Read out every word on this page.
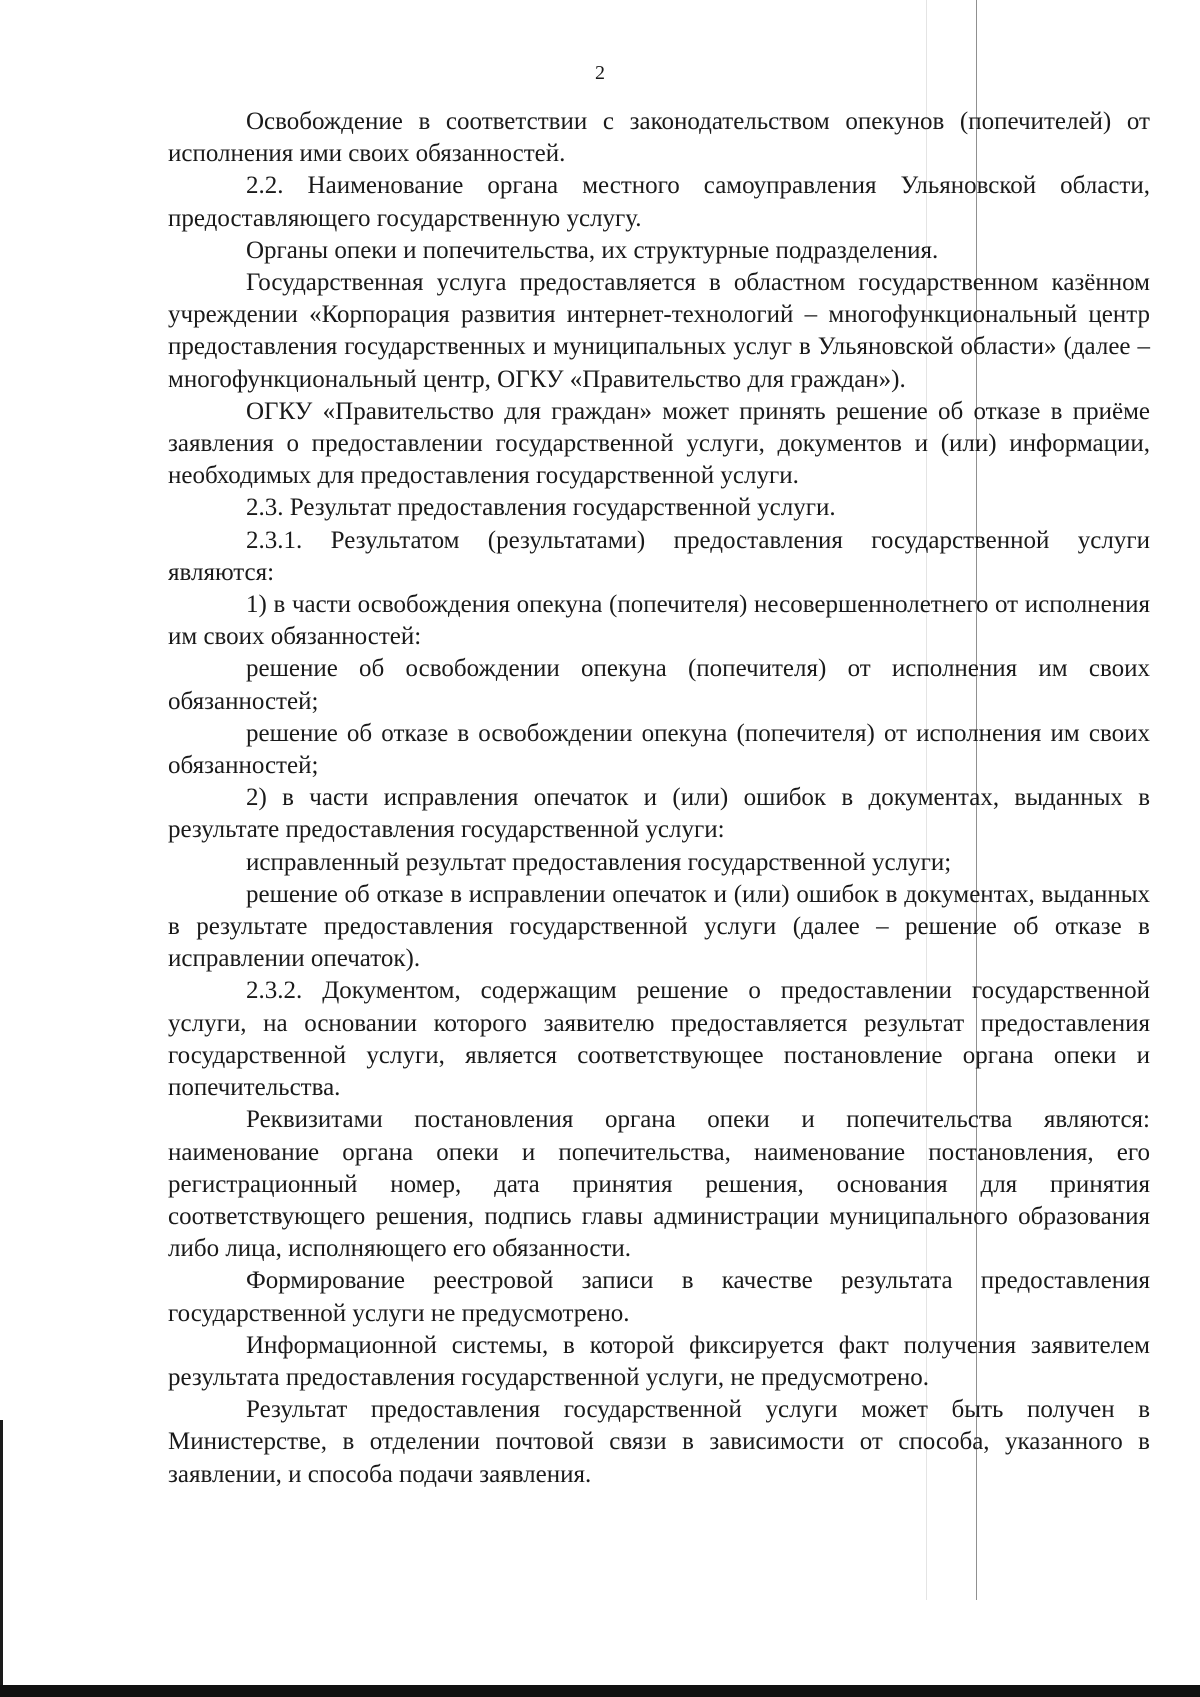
2

Освобождение в соответствии с законодательством опекунов (попечителей) от исполнения ими своих обязанностей.

2.2. Наименование органа местного самоуправления Ульяновской области, предоставляющего государственную услугу.

Органы опеки и попечительства, их структурные подразделения.

Государственная услуга предоставляется в областном государственном казённом учреждении «Корпорация развития интернет-технологий – многофункциональный центр предоставления государственных и муниципальных услуг в Ульяновской области» (далее – многофункциональный центр, ОГКУ «Правительство для граждан»).

ОГКУ «Правительство для граждан» может принять решение об отказе в приёме заявления о предоставлении государственной услуги, документов и (или) информации, необходимых для предоставления государственной услуги.

2.3. Результат предоставления государственной услуги.

2.3.1. Результатом (результатами) предоставления государственной услуги являются:

1) в части освобождения опекуна (попечителя) несовершеннолетнего от исполнения им своих обязанностей:

решение об освобождении опекуна (попечителя) от исполнения им своих обязанностей;

решение об отказе в освобождении опекуна (попечителя) от исполнения им своих обязанностей;

2) в части исправления опечаток и (или) ошибок в документах, выданных в результате предоставления государственной услуги:

исправленный результат предоставления государственной услуги;

решение об отказе в исправлении опечаток и (или) ошибок в документах, выданных в результате предоставления государственной услуги (далее – решение об отказе в исправлении опечаток).

2.3.2. Документом, содержащим решение о предоставлении государственной услуги, на основании которого заявителю предоставляется результат предоставления государственной услуги, является соответствующее постановление органа опеки и попечительства.

Реквизитами постановления органа опеки и попечительства являются: наименование органа опеки и попечительства, наименование постановления, его регистрационный номер, дата принятия решения, основания для принятия соответствующего решения, подпись главы администрации муниципального образования либо лица, исполняющего его обязанности.

Формирование реестровой записи в качестве результата предоставления государственной услуги не предусмотрено.

Информационной системы, в которой фиксируется факт получения заявителем результата предоставления государственной услуги, не предусмотрено.

Результат предоставления государственной услуги может быть получен в Министерстве, в отделении почтовой связи в зависимости от способа, указанного в заявлении, и способа подачи заявления.
